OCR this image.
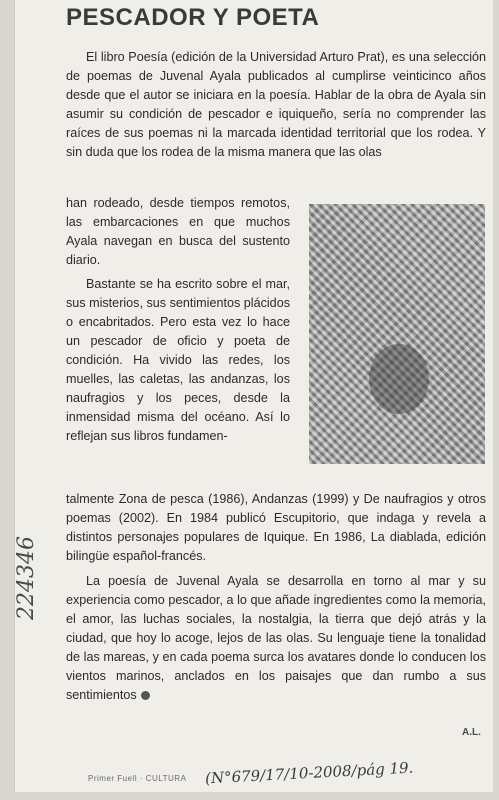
PESCADOR Y POETA

El libro Poesía (edición de la Universidad Arturo Prat), es una selección de poemas de Juvenal Ayala publicados al cumplirse veinticinco años desde que el autor se iniciara en la poesía. Hablar de la obra de Ayala sin asumir su condición de pescador e iquiqueño, sería no comprender las raíces de sus poemas ni la marcada identidad territorial que los rodea. Y sin duda que los rodea de la misma manera que las olas

han rodeado, desde tiempos remotos, las embarcaciones en que muchos Ayala navegan en busca del sustento diario.

Bastante se ha escrito sobre el mar, sus misterios, sus sentimientos plácidos o encabritados. Pero esta vez lo hace un pescador de oficio y poeta de condición. Ha vivido las redes, los muelles, las caletas, las andanzas, los naufragios y los peces, desde la inmensidad misma del océano. Así lo reflejan sus libros fundamen-

talmente Zona de pesca (1986), Andanzas (1999) y De naufragios y otros poemas (2002). En 1984 publicó Escupitorio, que indaga y revela a distintos personajes populares de Iquique. En 1986, La diablada, edición bilingüe español-francés.

La poesía de Juvenal Ayala se desarrolla en torno al mar y su experiencia como pescador, a lo que añade ingredientes como la memoria, el amor, las luchas sociales, la nostalgia, la tierra que dejó atrás y la ciudad, que hoy lo acoge, lejos de las olas. Su lenguaje tiene la tonalidad de las mareas, y en cada poema surca los avatares donde lo conducen los vientos marinos, anclados en los paisajes que dan rumbo a sus sentimientos

A.L.
224346
Primer Fuell · CULTURA (N°679/17/10-2008/pág 19.
